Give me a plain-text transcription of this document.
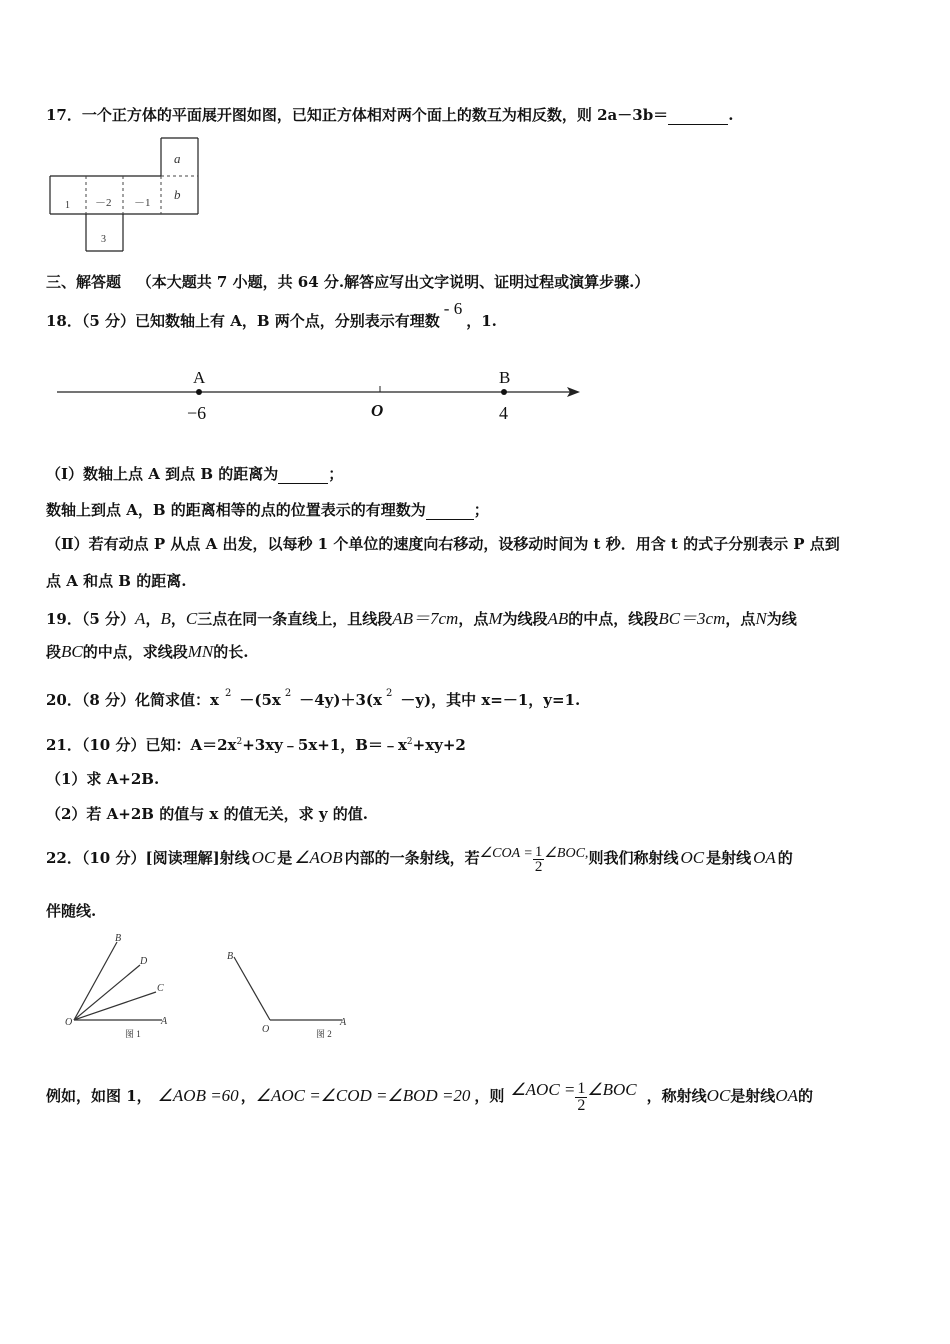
17．一个正方体的平面展开图如图，已知正方体相对两个面上的数互为相反数，则 2a－3b＝	.
a
b
1 －2 －1
3
三、解答题 （本大题共 7 小题，共 64 分.解答应写出文字说明、证明过程或演算步骤.）
18．（5 分）已知数轴上有 A，B 两个点，分别表示有理数- 6，1.
A	B
−6	O	4
（Ⅰ）数轴上点 A 到点 B 的距离为	；
数轴上到点 A，B 的距离相等的点的位置表示的有理数为	；
（Ⅱ）若有动点 P 从点 A 出发，以每秒 1 个单位的速度向右移动，设移动时间为 t 秒．用含 t 的式子分别表示 P 点到
点 A 和点 B 的距离.
19．（5 分）A，B，C三点在同一条直线上，且线段AB＝7cm，点M为线段AB的中点，线段BC＝3cm，点N为线
段BC的中点，求线段MN的长.
20．（8 分）化简求值：x $^2$ －(5x $^2$ －4y)＋3(x $^2$ －y)，其中 x=－1，y=1.
21．（10 分）已知：$A=2x^2+3xy﹣5x+1$，$B=﹣x^2+xy+2$
（1）求 A+2B.
（2）若 A+2B 的值与 x 的值无关，求 y 的值.
22．（10 分）[阅读理解]射线 OC 是 ∠AOB 内部的一条射线，若∠COA = $\frac{1}{2}$ ∠BOC,则我们称射线 OC 是射线 OA 的
伴随线.
B
D
C
O	A
图 1
B
O
A
图 2
例如，如图 1， ∠AOB =60 ，∠AOC =∠COD =∠BOD =20 ，则 ∠AOC = $\frac{1}{2}$ ∠BOC ，称射线OC是射线OA的
